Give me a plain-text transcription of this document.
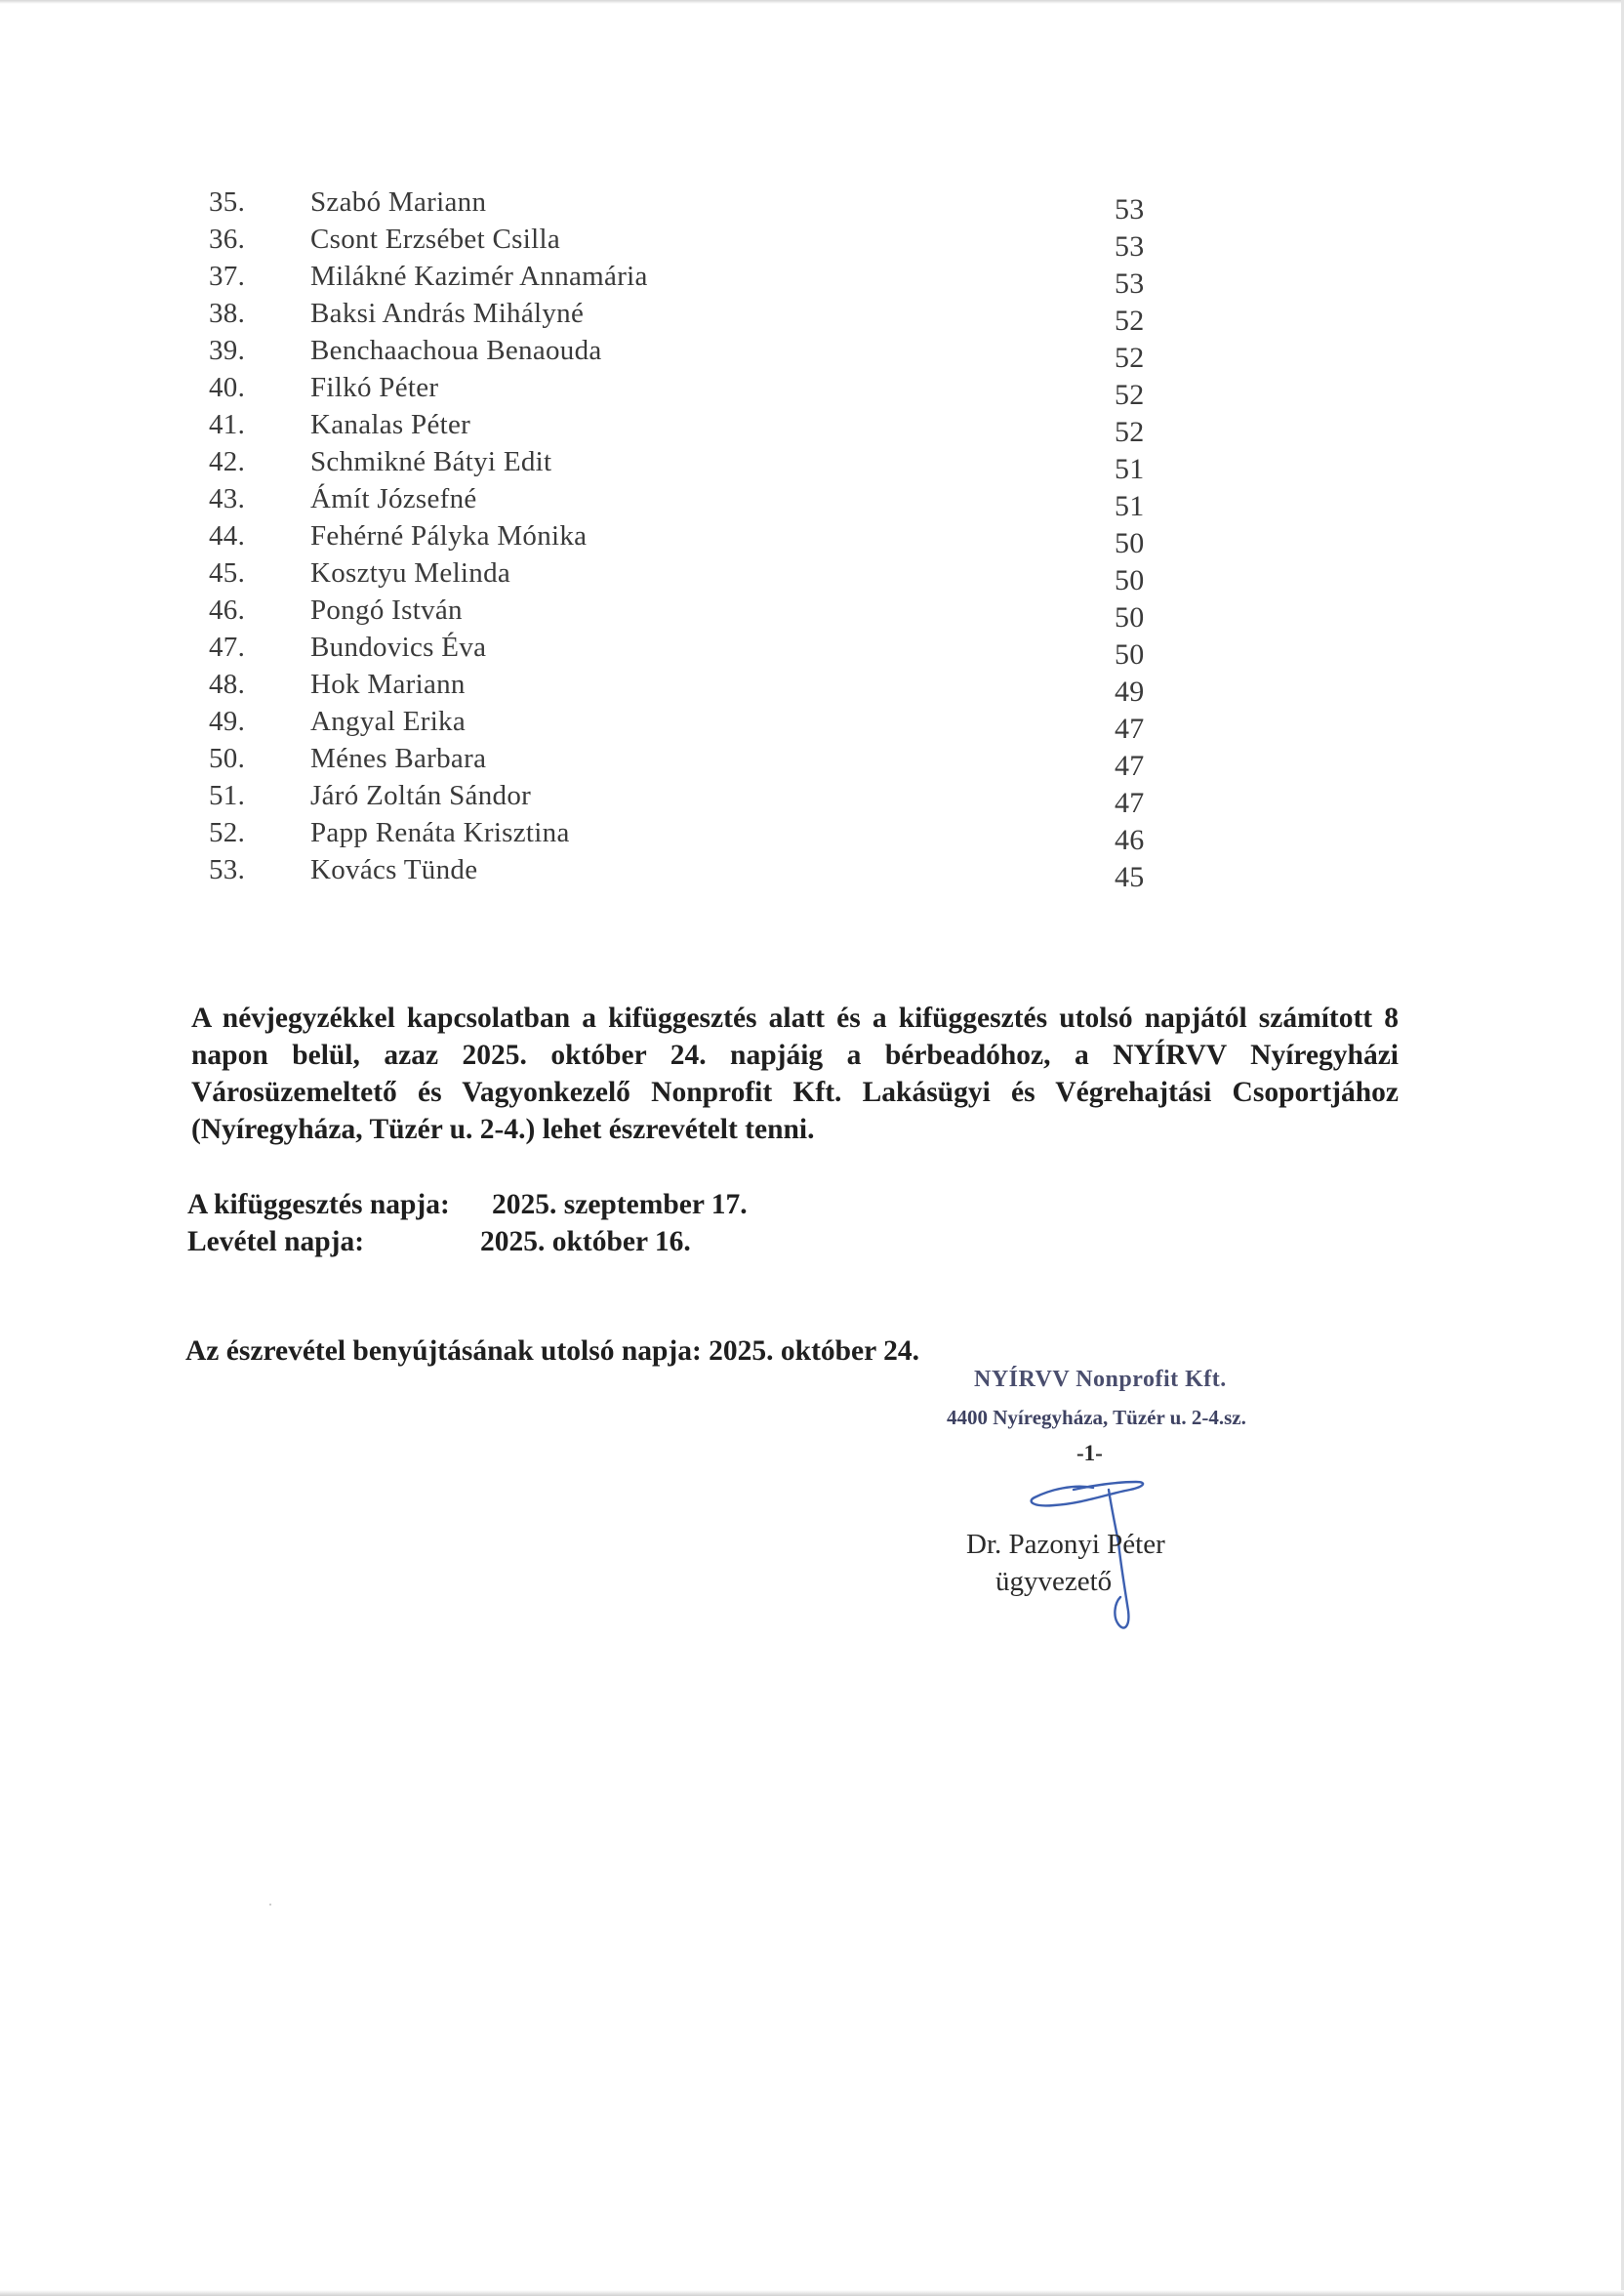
35. Szabó Mariann	53
36. Csont Erzsébet Csilla	53
37. Milákné Kazimér Annamária	53
38. Baksi András Mihályné	52
39. Benchaachoua Benaouda	52
40. Filkó Péter	52
41. Kanalas Péter	52
42. Schmikné Bátyi Edit	51
43. Ámít Józsefné	51
44. Fehérné Pályka Mónika	50
45. Kosztyu Melinda	50
46. Pongó István	50
47. Bundovics Éva	50
48. Hok Mariann	49
49. Angyal Erika	47
50. Ménes Barbara	47
51. Járó Zoltán Sándor	47
52. Papp Renáta Krisztina	46
53. Kovács Tünde	45
A névjegyzékkel kapcsolatban a kifüggesztés alatt és a kifüggesztés utolsó napjától számított 8 napon belül, azaz 2025. október 24. napjáig a bérbeadóhoz, a NYÍRVV Nyíregyházi Városüzemeltető és Vagyonkezelő Nonprofit Kft. Lakásügyi és Végrehajtási Csoportjához (Nyíregyháza, Tüzér u. 2-4.) lehet észrevételt tenni.
A kifüggesztés napja: 2025. szeptember 17.
Levétel napja:	2025. október 16.
Az észrevétel benyújtásának utolsó napja: 2025. október 24.
NYÍRVV Nonprofit Kft.
4400 Nyíregyháza, Tüzér u. 2-4.sz.
-1-
Dr. Pazonyi Péter
ügyvezető
